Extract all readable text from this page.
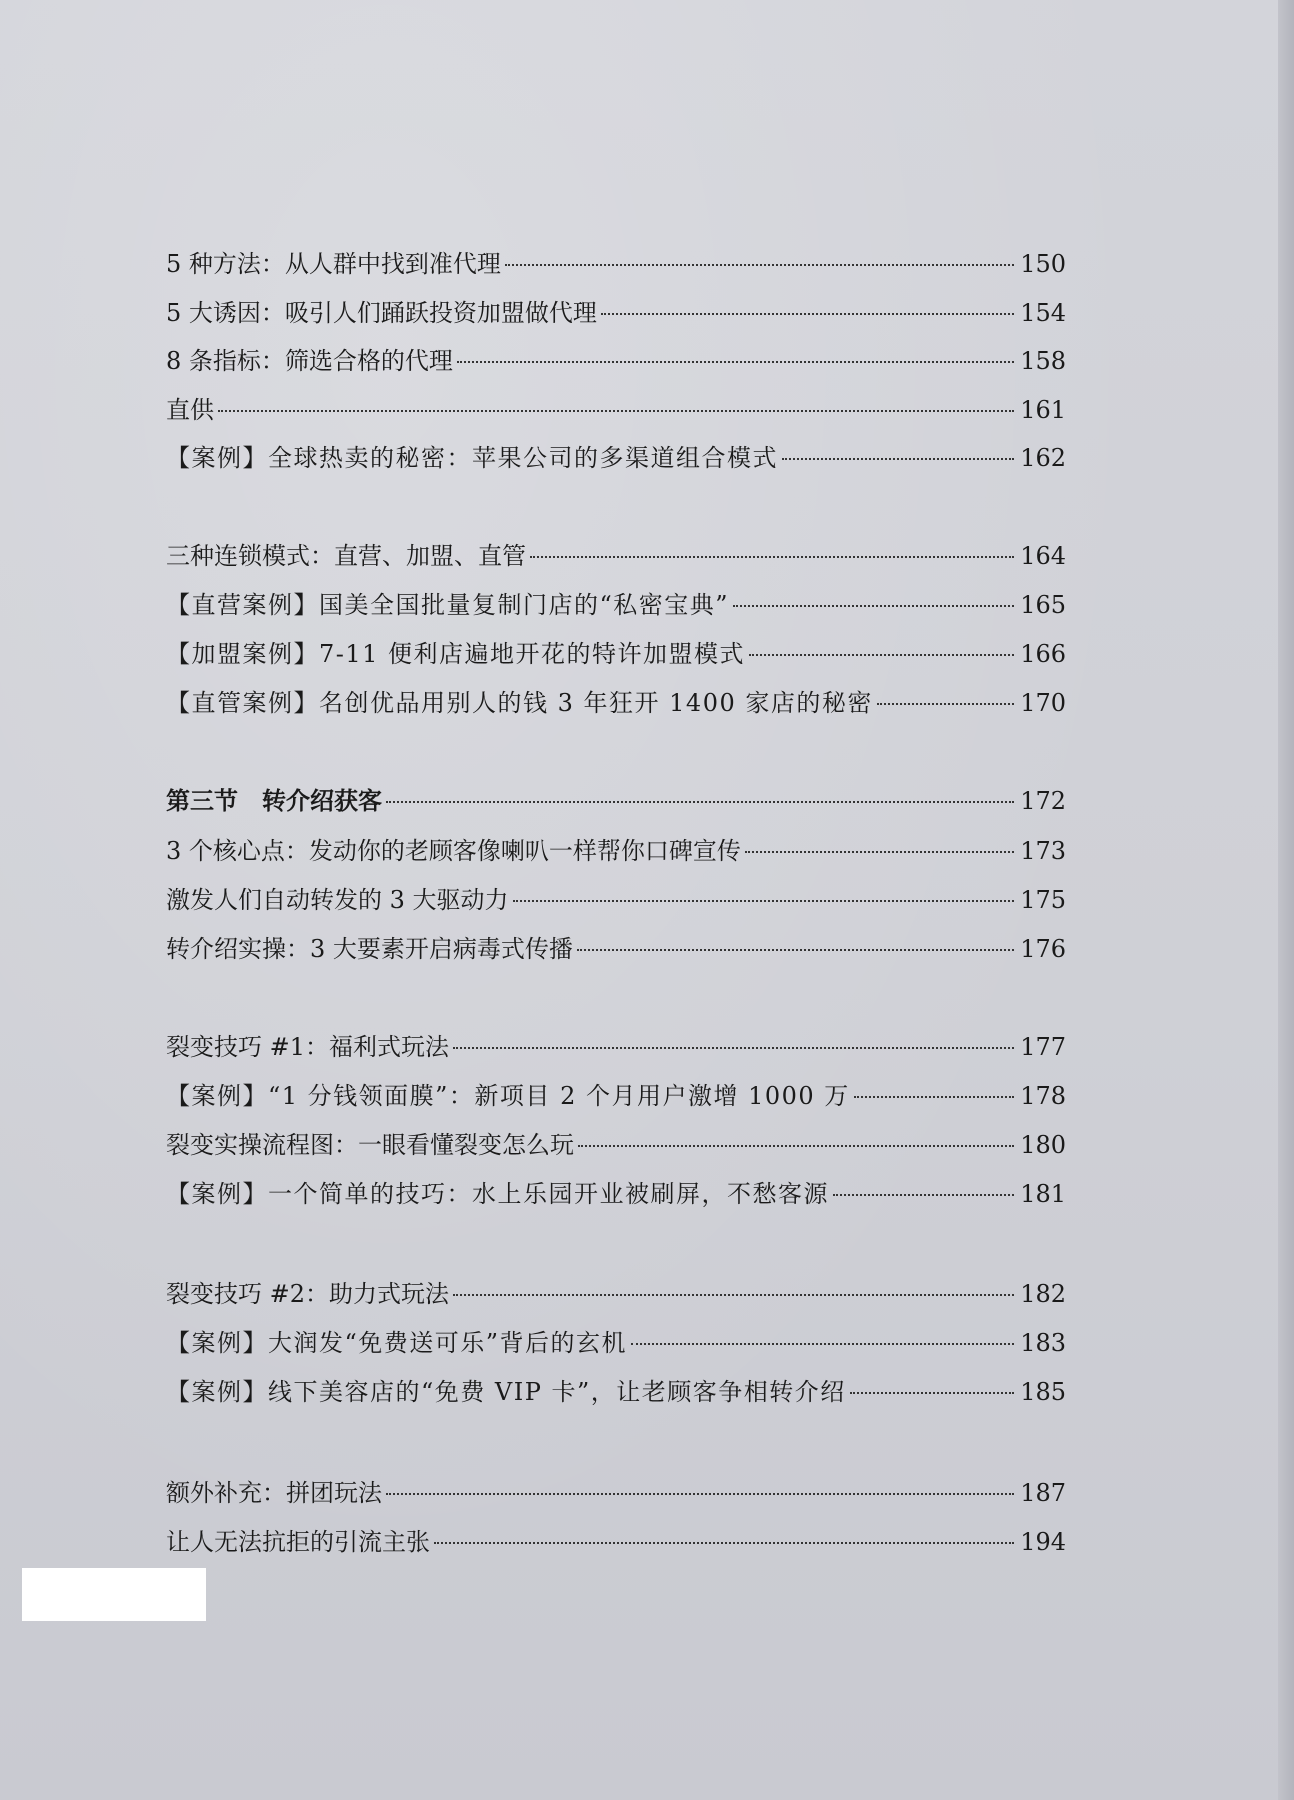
5 种方法：从人群中找到准代理	150
5 大诱因：吸引人们踊跃投资加盟做代理	154
8 条指标：筛选合格的代理	158
直供	161
【案例】全球热卖的秘密：苹果公司的多渠道组合模式	162
三种连锁模式：直营、加盟、直管	164
【直营案例】国美全国批量复制门店的“私密宝典”	165
【加盟案例】7-11 便利店遍地开花的特许加盟模式	166
【直管案例】名创优品用别人的钱 3 年狂开 1400 家店的秘密	170
第三节　转介绍获客	172
3 个核心点：发动你的老顾客像喇叭一样帮你口碑宣传	173
激发人们自动转发的 3 大驱动力	175
转介绍实操：3 大要素开启病毒式传播	176
裂变技巧 #1：福利式玩法	177
【案例】“1 分钱领面膜”：新项目 2 个月用户激增 1000 万	178
裂变实操流程图：一眼看懂裂变怎么玩	180
【案例】一个简单的技巧：水上乐园开业被刷屏，不愁客源	181
裂变技巧 #2：助力式玩法	182
【案例】大润发“免费送可乐”背后的玄机	183
【案例】线下美容店的“免费 VIP 卡”，让老顾客争相转介绍	185
额外补充：拼团玩法	187
让人无法抗拒的引流主张	194
